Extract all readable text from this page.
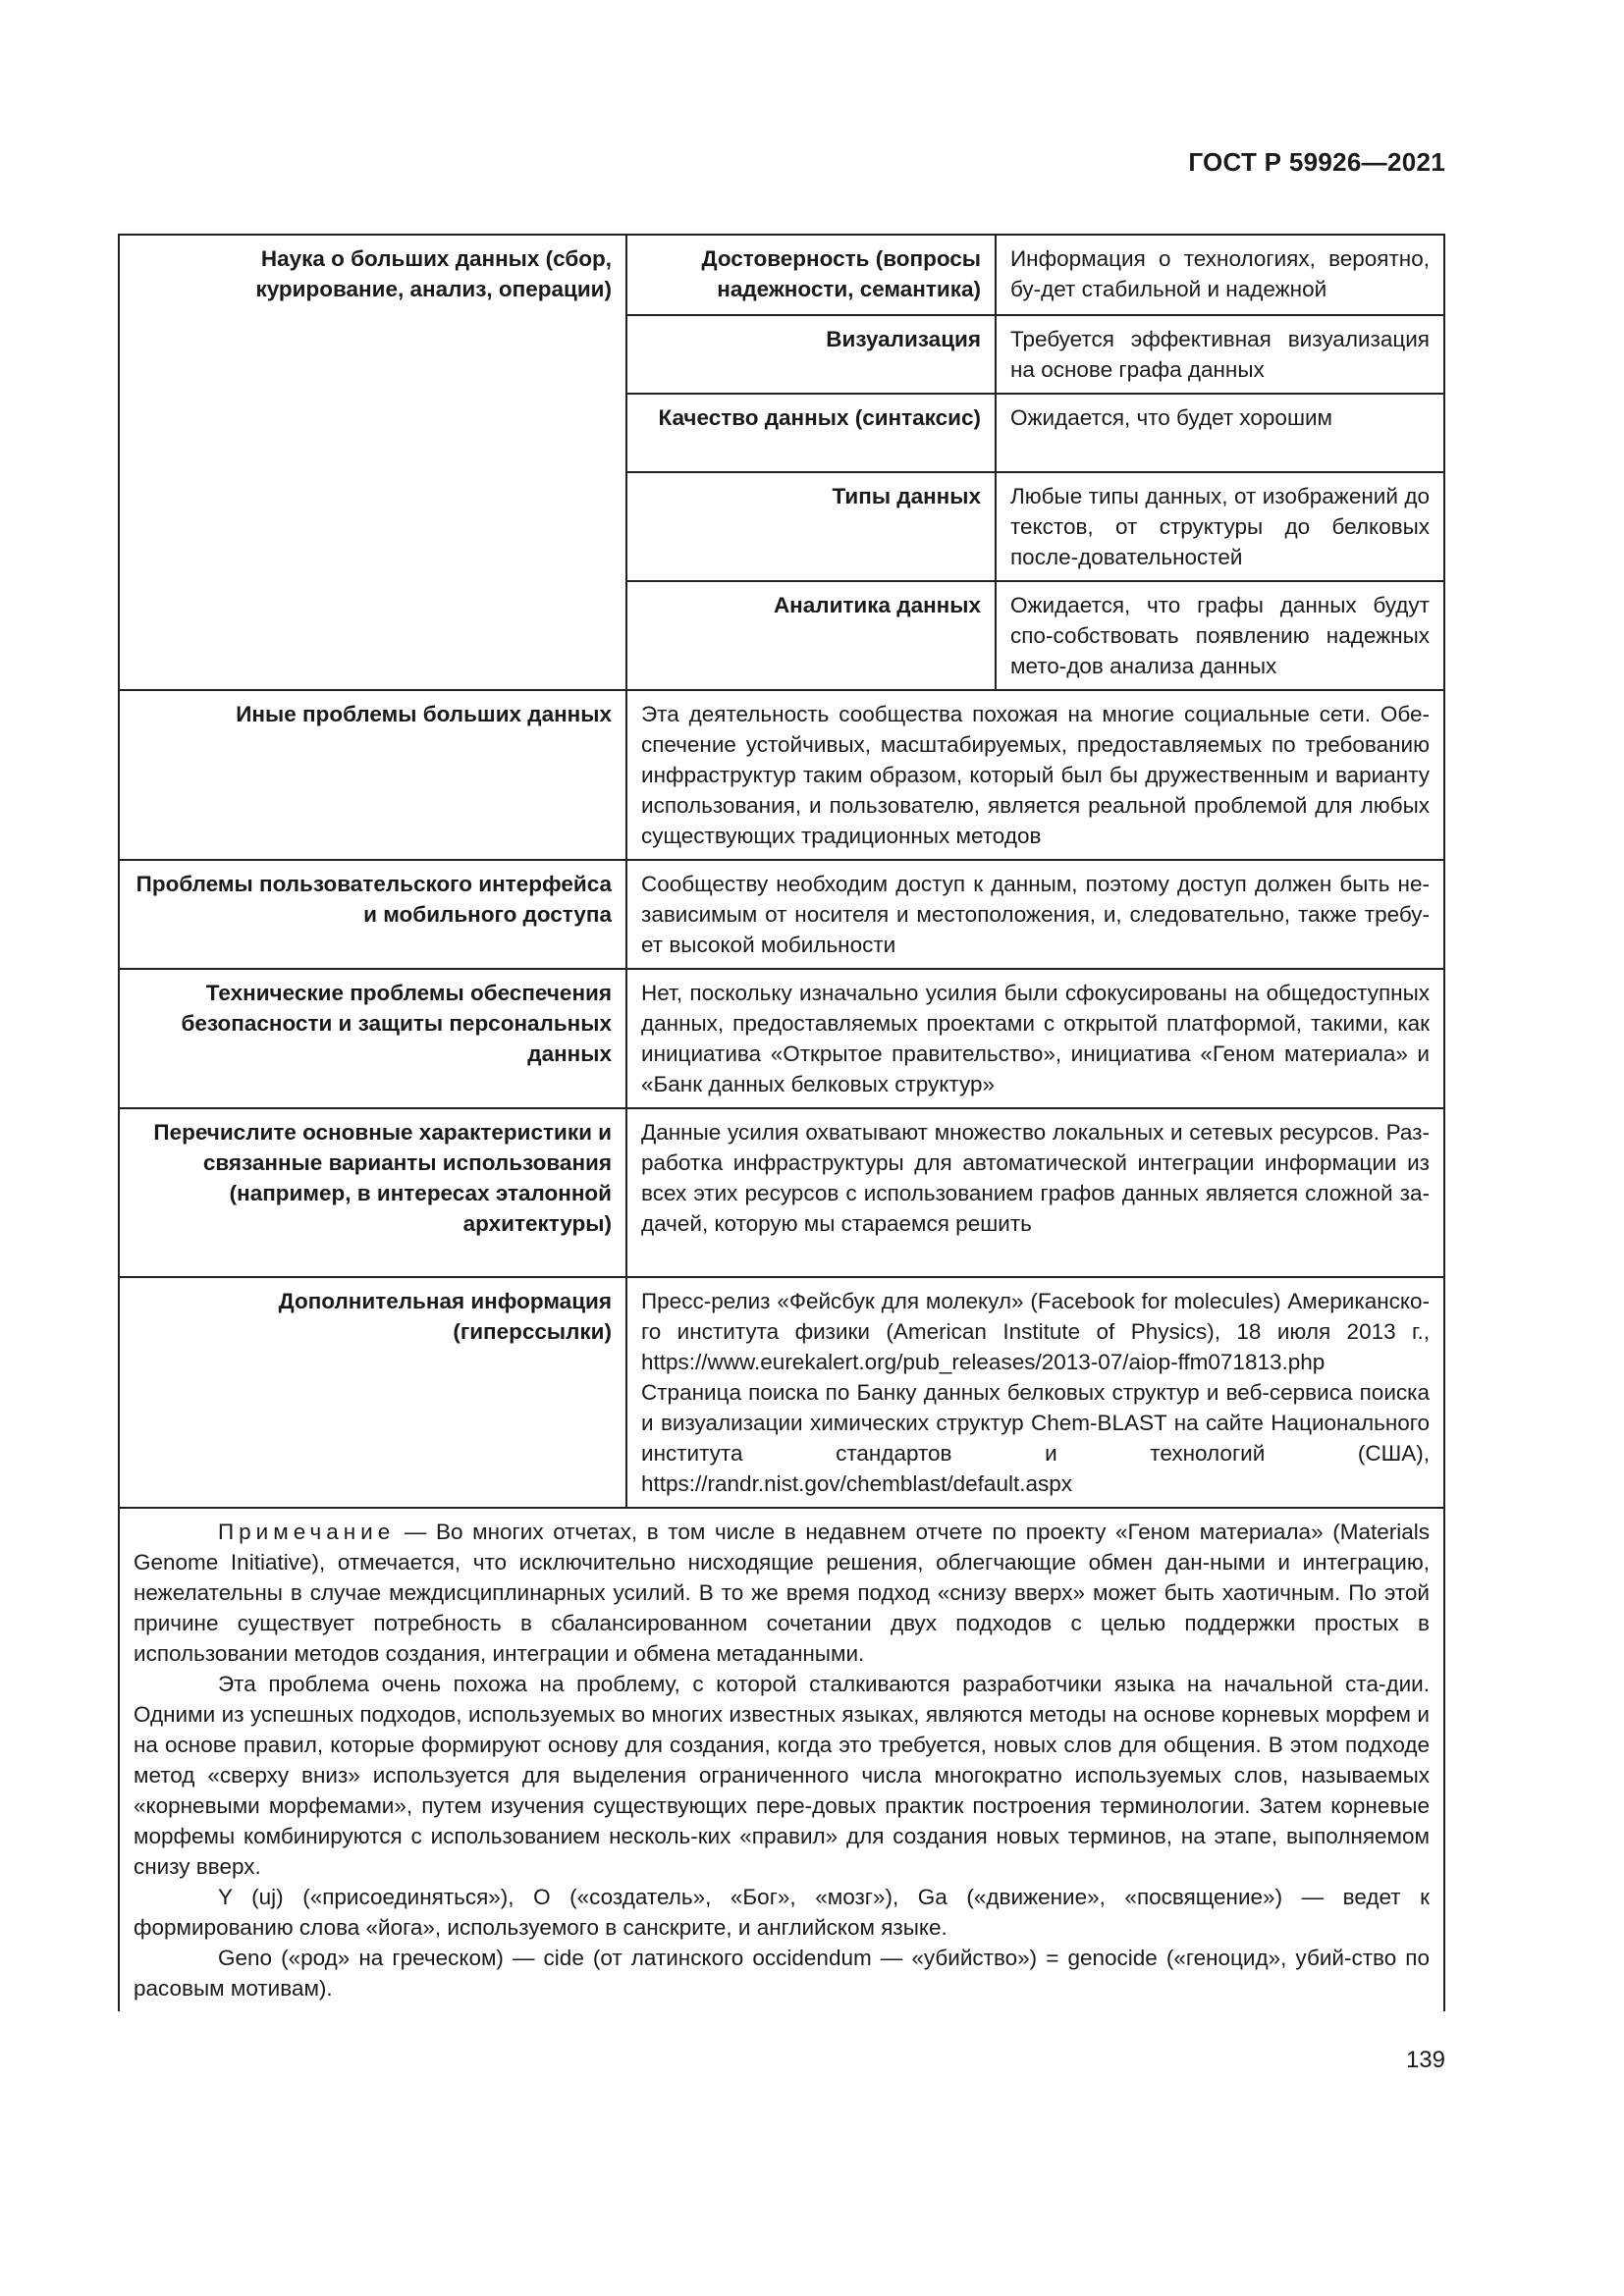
ГОСТ Р 59926—2021
Наука о больших данных (сбор, курирование, анализ, операции)	Достоверность (вопросы надежности, семантика)	Информация о технологиях, вероятно, бу-дет стабильной и надежной
	Визуализация	Требуется эффективная визуализация на основе графа данных
	Качество данных (синтаксис)	Ожидается, что будет хорошим
	Типы данных	Любые типы данных, от изображений до текстов, от структуры до белковых после-довательностей
	Аналитика данных	Ожидается, что графы данных будут спо-собствовать появлению надежных мето-дов анализа данных
Иные проблемы больших данных	Эта деятельность сообщества похожая на многие социальные сети. Обе-спечение устойчивых, масштабируемых, предоставляемых по требованию инфраструктур таким образом, который был бы дружественным и варианту использования, и пользователю, является реальной проблемой для любых существующих традиционных методов	
Проблемы пользовательского интерфейса и мобильного доступа	Сообществу необходим доступ к данным, поэтому доступ должен быть не-зависимым от носителя и местоположения, и, следовательно, также требу-ет высокой мобильности	
Технические проблемы обеспечения безопасности и защиты персональных данных	Нет, поскольку изначально усилия были сфокусированы на общедоступных данных, предоставляемых проектами с открытой платформой, такими, как инициатива «Открытое правительство», инициатива «Геном материала» и «Банк данных белковых структур»	
Перечислите основные характеристики и связанные варианты использования (например, в интересах эталонной архитектуры)	Данные усилия охватывают множество локальных и сетевых ресурсов. Раз-работка инфраструктуры для автоматической интеграции информации из всех этих ресурсов с использованием графов данных является сложной за-дачей, которую мы стараемся решить	
Дополнительная информация (гиперссылки)	Пресс-релиз «Фейсбук для молекул» (Facebook for molecules) Американско-го института физики (American Institute of Physics), 18 июля 2013 г., https://www.eurekalert.org/pub_releases/2013-07/aiop-ffm071813.php
Страница поиска по Банку данных белковых структур и веб-сервиса поиска и визуализации химических структур Chem-BLAST на сайте Национального института стандартов и технологий (США), https://randr.nist.gov/chemblast/default.aspx	

Примечание — Во многих отчетах, в том числе в недавнем отчете по проекту «Геном материала» (Materials Genome Initiative), отмечается, что исключительно нисходящие решения, облегчающие обмен дан-ными и интеграцию, нежелательны в случае междисциплинарных усилий. В то же время подход «снизу вверх» может быть хаотичным. По этой причине существует потребность в сбалансированном сочетании двух подходов с целью поддержки простых в использовании методов создания, интеграции и обмена метаданными.

Эта проблема очень похожа на проблему, с которой сталкиваются разработчики языка на начальной ста-дии. Одними из успешных подходов, используемых во многих известных языках, являются методы на основе корневых морфем и на основе правил, которые формируют основу для создания, когда это требуется, новых слов для общения. В этом подходе метод «сверху вниз» используется для выделения ограниченного числа многократно используемых слов, называемых «корневыми морфемами», путем изучения существующих пере-довых практик построения терминологии. Затем корневые морфемы комбинируются с использованием несколь-ких «правил» для создания новых терминов, на этапе, выполняемом снизу вверх.

Y (uj) («присоединяться»), O («создатель», «Бог», «мозг»), Ga («движение», «посвящение») — ведет к формированию слова «йога», используемого в санскрите, и английском языке.

Geno («род» на греческом) — cide (от латинского occidendum — «убийство») = genocide («геноцид», убий-ство по расовым мотивам).		

139
